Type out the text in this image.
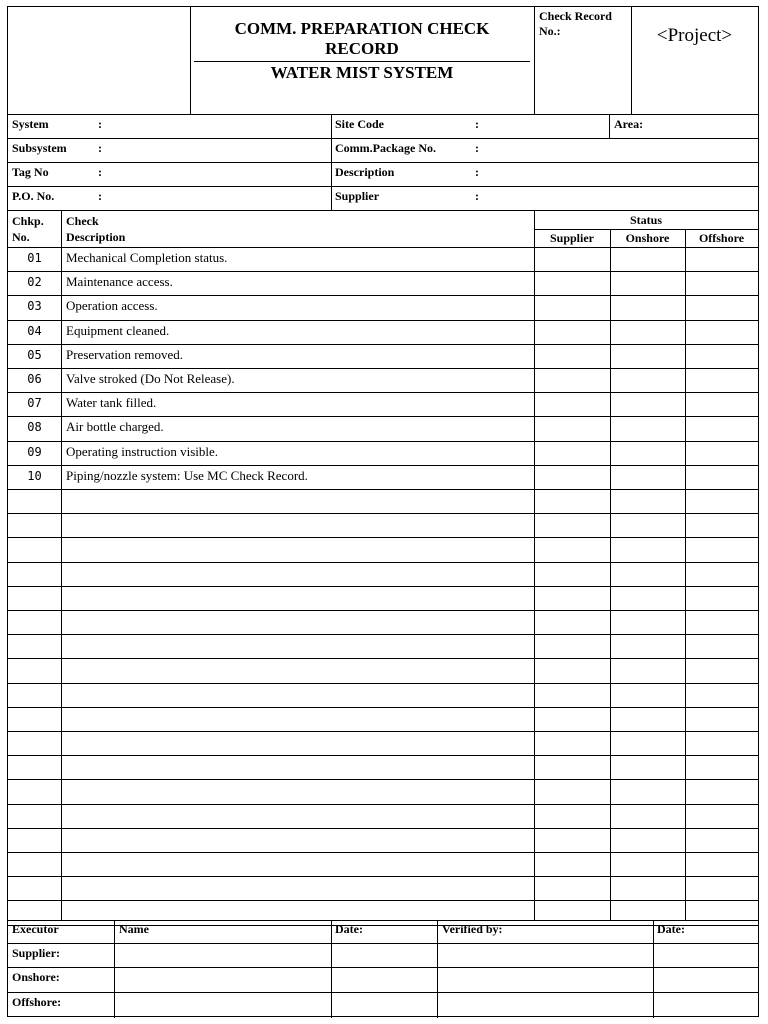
COMM. PREPARATION CHECK
RECORD
WATER MIST SYSTEM
Check Record
No.:	<Project>
System	:
Subsystem	:
Tag No	:
P.O. No.	:
Site Code	:
Comm.Package No.	:
Description	:
Supplier	:
Area:
Chkp.
No.
Check
Description
Status
Supplier	Onshore	Offshore
01	Mechanical Completion status.
02	Maintenance access.
03	Operation access.
04	Equipment cleaned.
05	Preservation removed.
06	Valve stroked (Do Not Release).
07	Water tank filled.
08	Air bottle charged.
09	Operating instruction visible.
10	Piping/nozzle system: Use MC Check Record.
Executor	Name	Date:	Verified by:	Date:
Supplier:
Onshore:
Offshore:
